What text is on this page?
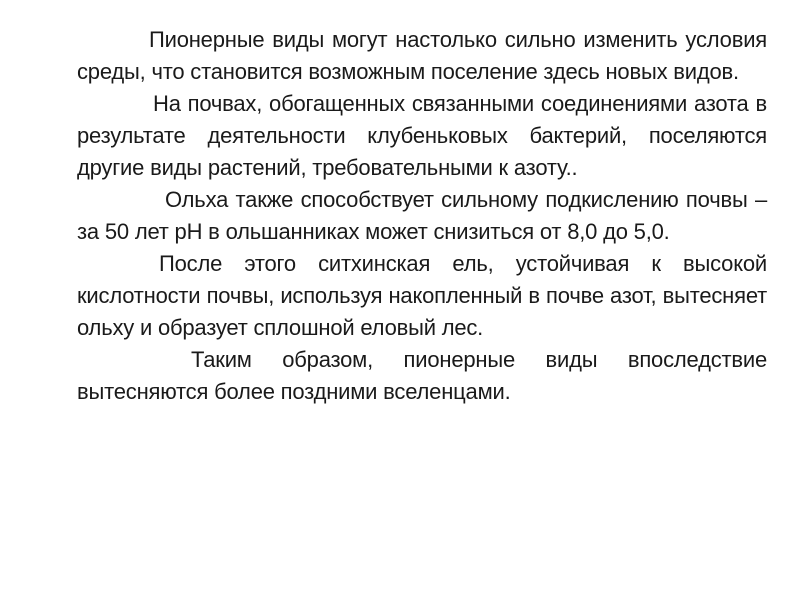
Пионерные виды могут настолько сильно изменить условия среды, что становится возможным поселение здесь новых видов.

На почвах, обогащенных связанными соединениями азота в результате деятельности клубеньковых бактерий, поселяются другие виды растений, требовательными к азоту..

Ольха также способствует сильному подкислению почвы – за 50 лет рН в ольшанниках может снизиться от 8,0 до 5,0.

После этого ситхинская ель, устойчивая к высокой кислотности почвы, используя накопленный в почве азот, вытесняет ольху и образует сплошной еловый лес.

Таким образом, пионерные виды впоследствие вытесняются более поздними вселенцами.
